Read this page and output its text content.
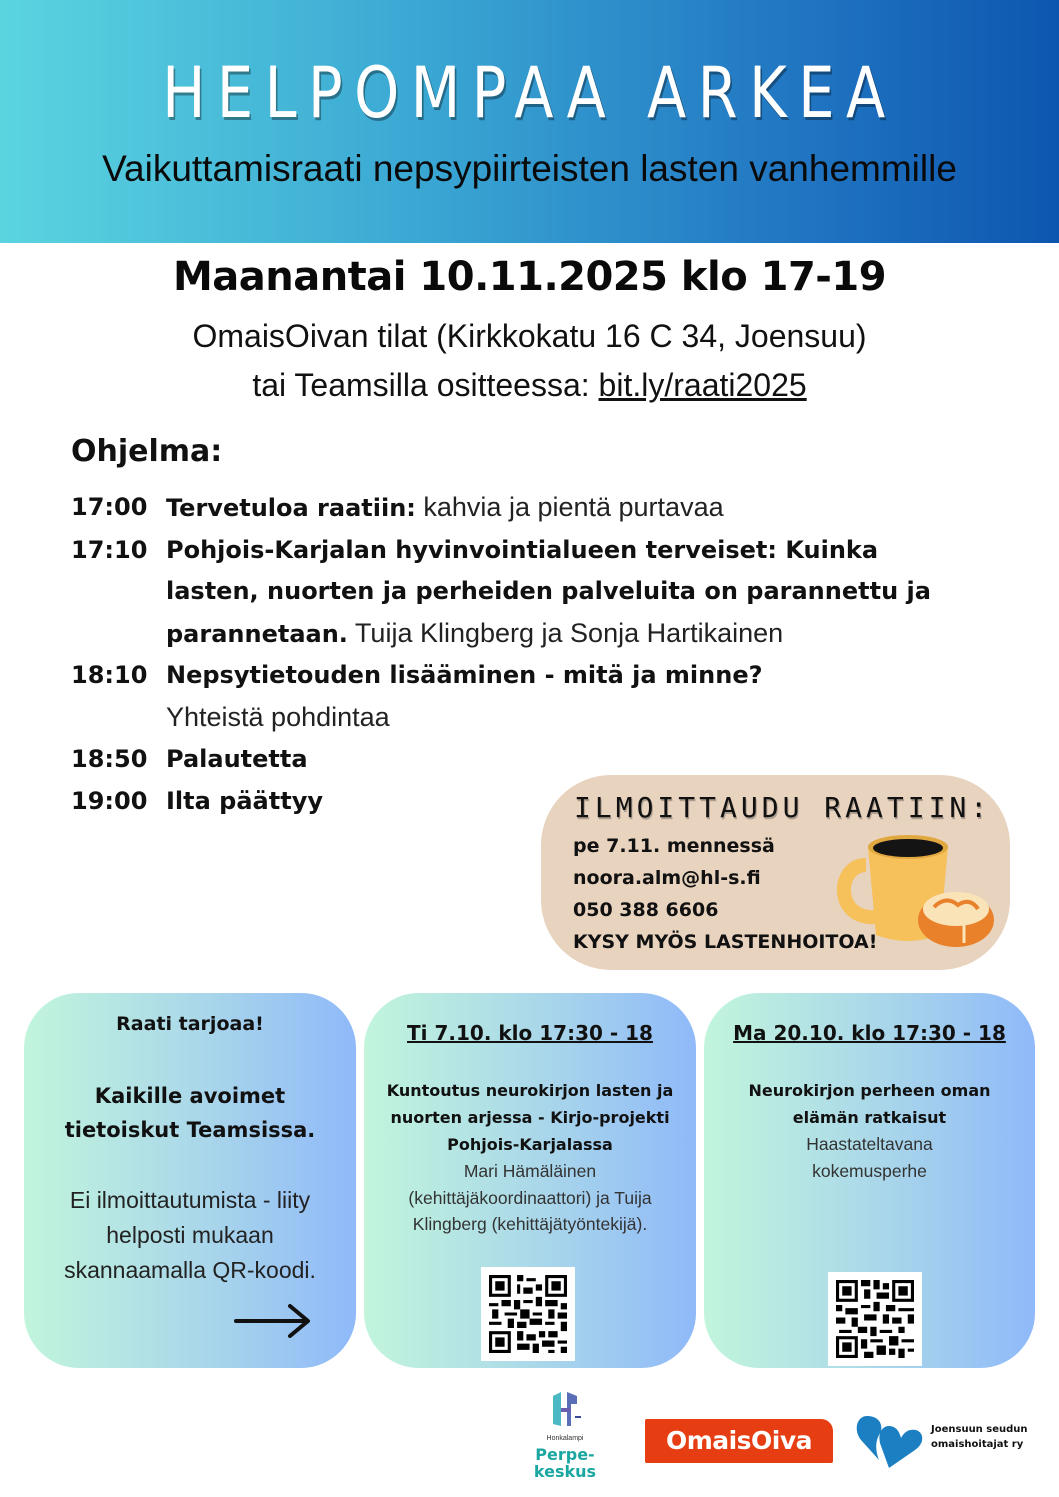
HELPOMPAA ARKEA
Vaikuttamisraati nepsypiirteisten lasten vanhemmille
Maanantai 10.11.2025 klo 17-19
OmaisOivan tilat (Kirkkokatu 16 C 34, Joensuu)
tai Teamsilla ositteessa: bit.ly/raati2025
Ohjelma:
17:00 Tervetuloa raatiin: kahvia ja pientä purtavaa
17:10 Pohjois-Karjalan hyvinvointialueen terveiset: Kuinka lasten, nuorten ja perheiden palveluita on parannettu ja parannetaan. Tuija Klingberg ja Sonja Hartikainen
18:10 Nepsytietouden lisääminen - mitä ja minne?
Yhteistä pohdintaa
18:50 Palautetta
19:00 Ilta päättyy	ILMOITTAUDU RAATIIN:
pe 7.11. mennessä
noora.alm@hl-s.fi
050 388 6606
KYSY MYÖS LASTENHOITOA!
Raati tarjoaa!
Kaikille avoimet tietoiskut Teamsissa.
Ei ilmoittautumista - liity helposti mukaan skannaamalla QR-koodi.
Ti 7.10. klo 17:30 - 18
Kuntoutus neurokirjon lasten ja nuorten arjessa - Kirjo-projekti Pohjois-Karjalassa
Mari Hämäläinen (kehittäjäkoordinaattori) ja Tuija Klingberg (kehittäjätyöntekijä).
Ma 20.10. klo 17:30 - 18
Neurokirjon perheen oman elämän ratkaisut
Haastateltavana kokemusperhe
Honkalampi
Perpe-
keskus
OmaisOiva	Joensuun seudun
omaishoitajat ry
